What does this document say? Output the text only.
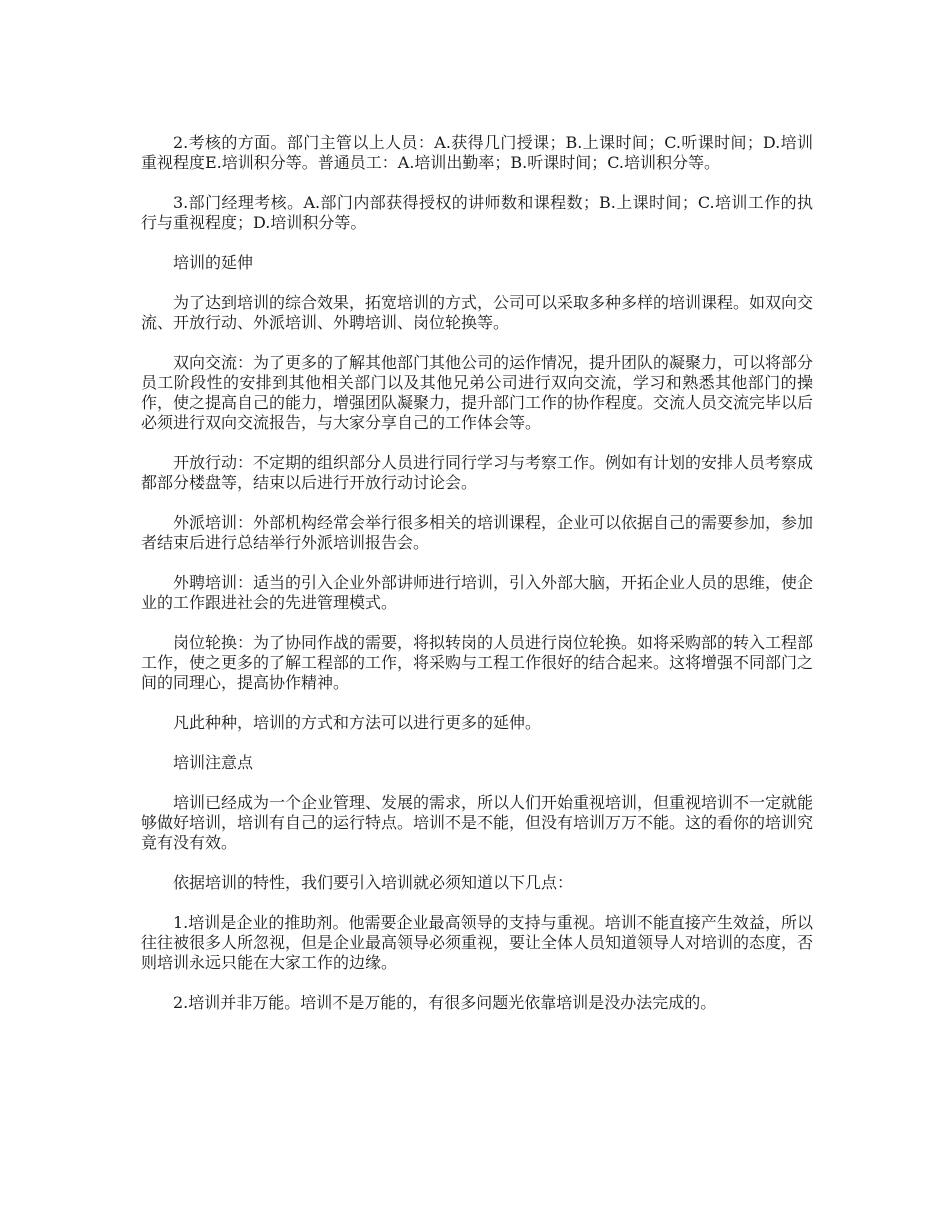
2.考核的方面。部门主管以上人员：A.获得几门授课；B.上课时间；C.听课时间；D.培训重视程度E.培训积分等。普通员工：A.培训出勤率；B.听课时间；C.培训积分等。

3.部门经理考核。A.部门内部获得授权的讲师数和课程数；B.上课时间；C.培训工作的执行与重视程度；D.培训积分等。

培训的延伸

为了达到培训的综合效果，拓宽培训的方式，公司可以采取多种多样的培训课程。如双向交流、开放行动、外派培训、外聘培训、岗位轮换等。

双向交流：为了更多的了解其他部门其他公司的运作情况，提升团队的凝聚力，可以将部分员工阶段性的安排到其他相关部门以及其他兄弟公司进行双向交流，学习和熟悉其他部门的操作，使之提高自己的能力，增强团队凝聚力，提升部门工作的协作程度。交流人员交流完毕以后必须进行双向交流报告，与大家分享自己的工作体会等。

开放行动：不定期的组织部分人员进行同行学习与考察工作。例如有计划的安排人员考察成都部分楼盘等，结束以后进行开放行动讨论会。

外派培训：外部机构经常会举行很多相关的培训课程，企业可以依据自己的需要参加，参加者结束后进行总结举行外派培训报告会。

外聘培训：适当的引入企业外部讲师进行培训，引入外部大脑，开拓企业人员的思维，使企业的工作跟进社会的先进管理模式。

岗位轮换：为了协同作战的需要，将拟转岗的人员进行岗位轮换。如将采购部的转入工程部工作，使之更多的了解工程部的工作，将采购与工程工作很好的结合起来。这将增强不同部门之间的同理心，提高协作精神。

凡此种种，培训的方式和方法可以进行更多的延伸。

培训注意点

培训已经成为一个企业管理、发展的需求，所以人们开始重视培训，但重视培训不一定就能够做好培训，培训有自己的运行特点。培训不是不能，但没有培训万万不能。这的看你的培训究竟有没有效。

依据培训的特性，我们要引入培训就必须知道以下几点：

1.培训是企业的推助剂。他需要企业最高领导的支持与重视。培训不能直接产生效益，所以往往被很多人所忽视，但是企业最高领导必须重视，要让全体人员知道领导人对培训的态度，否则培训永远只能在大家工作的边缘。

2.培训并非万能。培训不是万能的，有很多问题光依靠培训是没办法完成的。
